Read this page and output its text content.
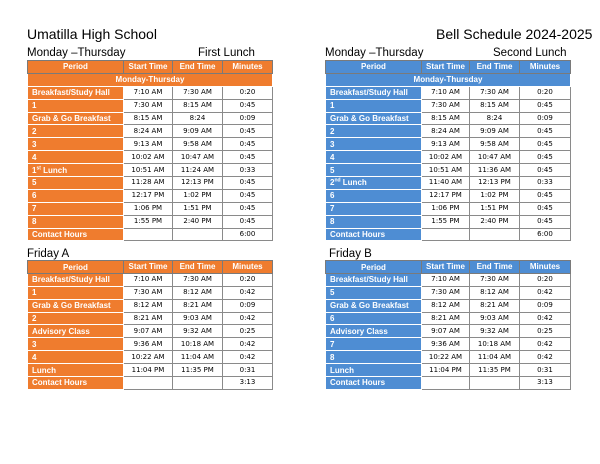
Umatilla High School	Bell Schedule 2024-2025
Monday –Thursday	First Lunch
Period	Start Time	End Time	Minutes
Monday-Thursday			
Breakfast/Study Hall	7:10 AM	7:30 AM	0:20
1	7:30 AM	8:15 AM	0:45
Grab & Go Breakfast	8:15 AM	8:24	0:09
2	8:24 AM	9:09 AM	0:45
3	9:13 AM	9:58 AM	0:45
4	10:02 AM	10:47 AM	0:45
1st Lunch	10:51 AM	11:24 AM	0:33
5	11:28 AM	12:13 PM	0:45
6	12:17 PM	1:02 PM	0:45
7	1:06 PM	1:51 PM	0:45
8	1:55 PM	2:40 PM	0:45
Contact Hours			6:00
Monday –Thursday	Second Lunch
Period	Start Time	End Time	Minutes
Monday-Thursday			
Breakfast/Study Hall	7:10 AM	7:30 AM	0:20
1	7:30 AM	8:15 AM	0:45
Grab & Go Breakfast	8:15 AM	8:24	0:09
2	8:24 AM	9:09 AM	0:45
3	9:13 AM	9:58 AM	0:45
4	10:02 AM	10:47 AM	0:45
5	10:51 AM	11:36 AM	0:45
2nd Lunch	11:40 AM	12:13 PM	0:33
6	12:17 PM	1:02 PM	0:45
7	1:06 PM	1:51 PM	0:45
8	1:55 PM	2:40 PM	0:45
Contact Hours			6:00
Friday A
Period	Start Time	End Time	Minutes
Breakfast/Study Hall	7:10 AM	7:30 AM	0:20
1	7:30 AM	8:12 AM	0:42
Grab & Go Breakfast	8:12 AM	8:21 AM	0:09
2	8:21 AM	9:03 AM	0:42
Advisory Class	9:07 AM	9:32 AM	0:25
3	9:36 AM	10:18 AM	0:42
4	10:22 AM	11:04 AM	0:42
Lunch	11:04 PM	11:35 PM	0:31
Contact Hours			3:13
Friday B
Period	Start Time	End Time	Minutes
Breakfast/Study Hall	7:10 AM	7:30 AM	0:20
5	7:30 AM	8:12 AM	0:42
Grab & Go Breakfast	8:12 AM	8:21 AM	0:09
6	8:21 AM	9:03 AM	0:42
Advisory Class	9:07 AM	9:32 AM	0:25
7	9:36 AM	10:18 AM	0:42
8	10:22 AM	11:04 AM	0:42
Lunch	11:04 PM	11:35 PM	0:31
Contact Hours			3:13
